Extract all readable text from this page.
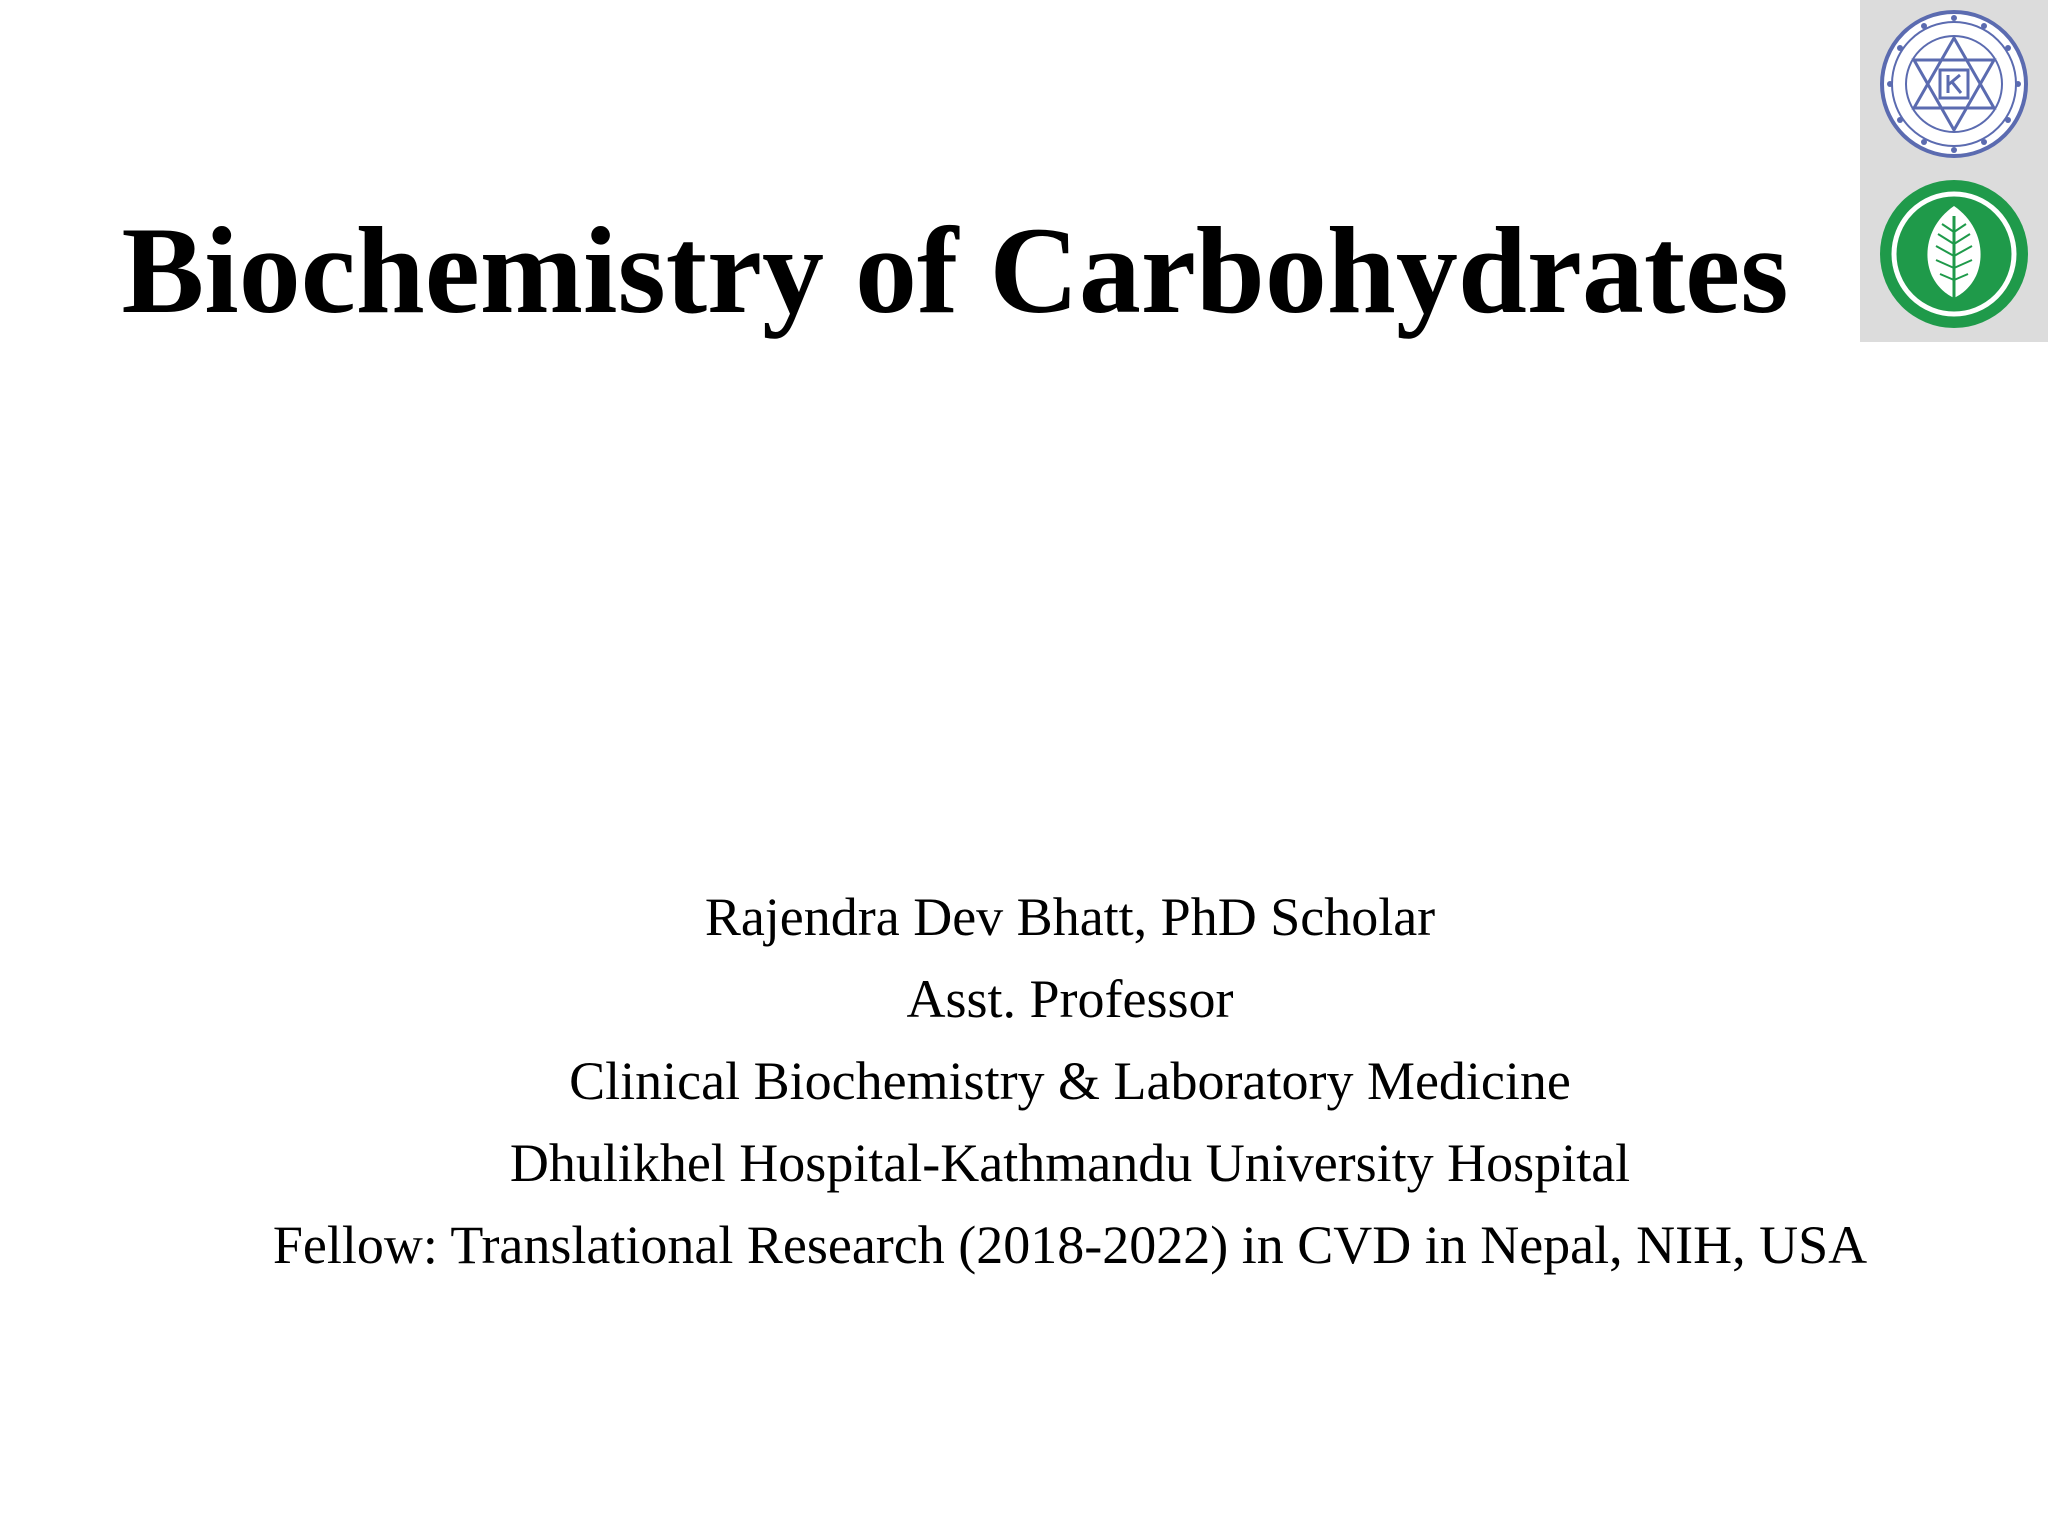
Biochemistry of Carbohydrates
Rajendra Dev Bhatt, PhD Scholar
Asst. Professor
Clinical Biochemistry & Laboratory Medicine
Dhulikhel Hospital-Kathmandu University Hospital
Fellow: Translational Research (2018-2022) in CVD in Nepal, NIH, USA
